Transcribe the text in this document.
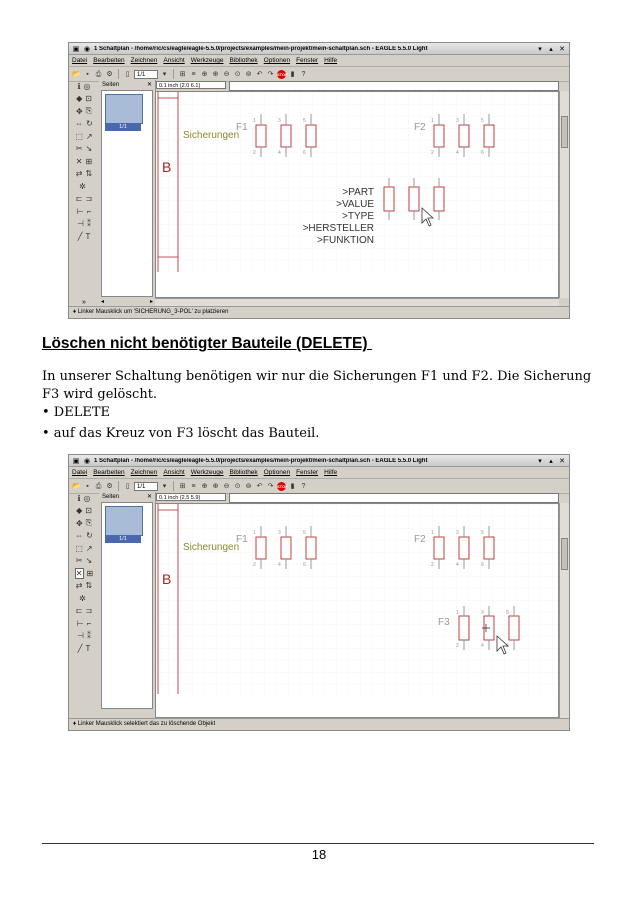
▣ ◉ 1 Schaltplan - /home/ric/cs/eagle/eagle-5.5.0/projects/examples/mein-projekt/mein-schaltplan.sch - EAGLE 5.5.0 Light	▾	▴ ✕
Datei Bearbeiten Zeichnen Ansicht Werkzeuge Bibliothek Optionen Fenster Hilfe
📂 ▪ ⎙ ⚙	▯	1/1	▾	⊞ ≡ ⊕ ⊕ ⊖ ⊙ ⊚ ↶ ↷ STOP ▮	?
ℹ ◎
◆ ⊡
✥ ⎘
⇔ ↻
⬚ ↗
✂ ↘
✕ ⊞
⇄ ⇅
✲
⊏ ⊐
⊢ ⌐
⊣ ⁑
╱ T
»
Seiten	✕
1/1
◂	▸
0.1 inch (2.0 6.1)
B
Sicherungen
F1	F2
1
2
3
4
5
6
1
2
3
4
5
6
>PART
>VALUE
>TYPE
>HERSTELLER
>FUNKTION
♦ Linker Mausklick um 'SICHERUNG_3-POL' zu platzieren
Löschen nicht benötigter Bauteile (DELETE)
In unserer Schaltung benötigen wir nur die Sicherungen F1 und F2. Die Sicherung
F3 wird gelöscht.
• DELETE
• auf das Kreuz von F3 löscht das Bauteil.
▣ ◉ 1 Schaltplan - /home/ric/cs/eagle/eagle-5.5.0/projects/examples/mein-projekt/mein-schaltplan.sch - EAGLE 5.5.0 Light	▾	▴ ✕
Datei Bearbeiten Zeichnen Ansicht Werkzeuge Bibliothek Optionen Fenster Hilfe
📂 ▪ ⎙ ⚙	▯	1/1	▾	⊞ ≡ ⊕ ⊕ ⊖ ⊙ ⊚ ↶ ↷ STOP ▮	?
ℹ ◎
◆ ⊡
✥ ⎘
⇔ ↻
⬚ ↗
✂ ↘
✕ ⊞
⇄ ⇅
✲
⊏ ⊐
⊢ ⌐
⊣ ⁑
╱ T
Seiten	✕
1/1
0.1 inch (2.5 5.9)
B
Sicherungen
F1	F2
F3
1
2
3
4
5
6
1
2
3
4
5
6
1
2
3
4
5
♦ Linker Mausklick selektiert das zu löschende Objekt
18
